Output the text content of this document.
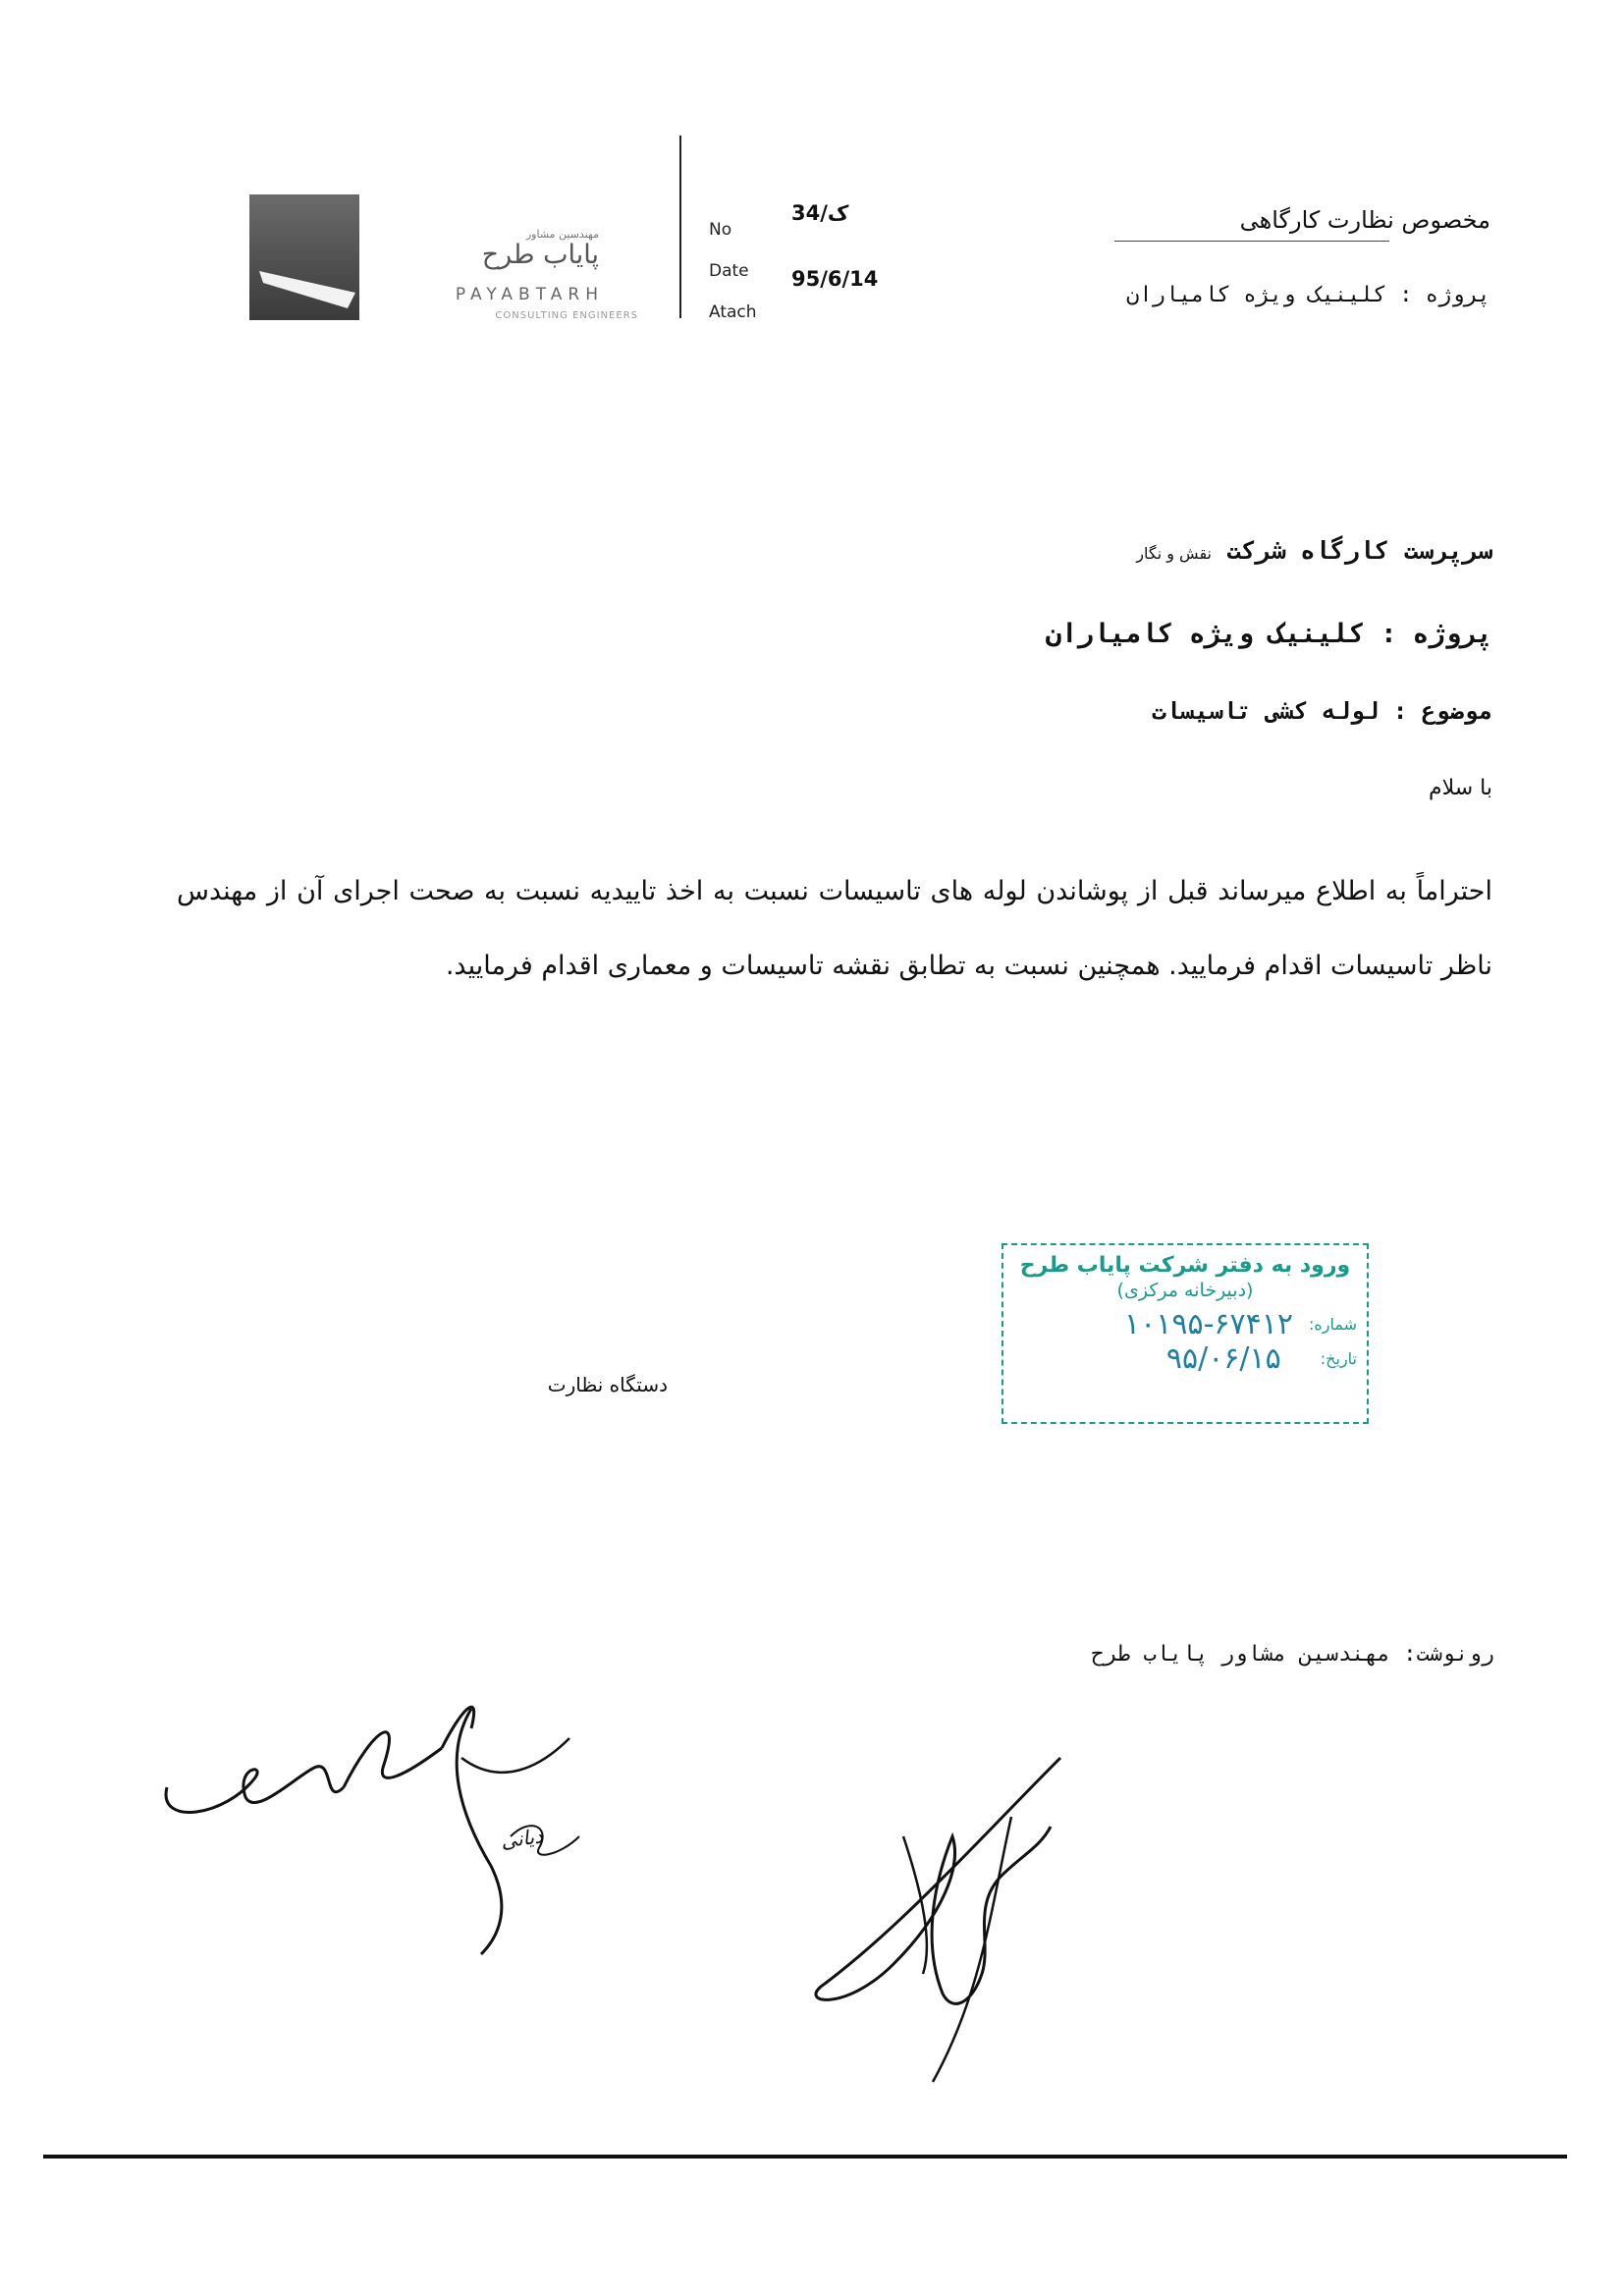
مهندسین مشاور
پایاب طرح
PAYABTARH
CONSULTING ENGINEERS
No
34/ک
Date 95/6/14
Atach
مخصوص نظارت کارگاهی
پروژه : کلینیک ویژه کامیاران
سرپرست کارگاه شرکت نقش و نگار
پروژه : کلینیک ویژه کامیاران
موضوع : لوله کشی تاسیسات
با سلام
احتراماً به اطلاع میرساند قبل از پوشاندن لوله های تاسیسات نسبت به اخذ تاییدیه نسبت به صحت اجرای آن از مهندس ناظر تاسیسات اقدام فرمایید. همچنین نسبت به تطابق نقشه تاسیسات و معماری اقدام فرمایید.
ورود به دفتر شرکت پایاب طرح
(دبیرخانه مرکزی)
شماره:
۱۰۱۹۵-۶۷۴۱۲
تاریخ:
۹۵/۰۶/۱۵
دستگاه نظارت
رونوشت: مهندسین مشاور پایاب طرح
دیانی
